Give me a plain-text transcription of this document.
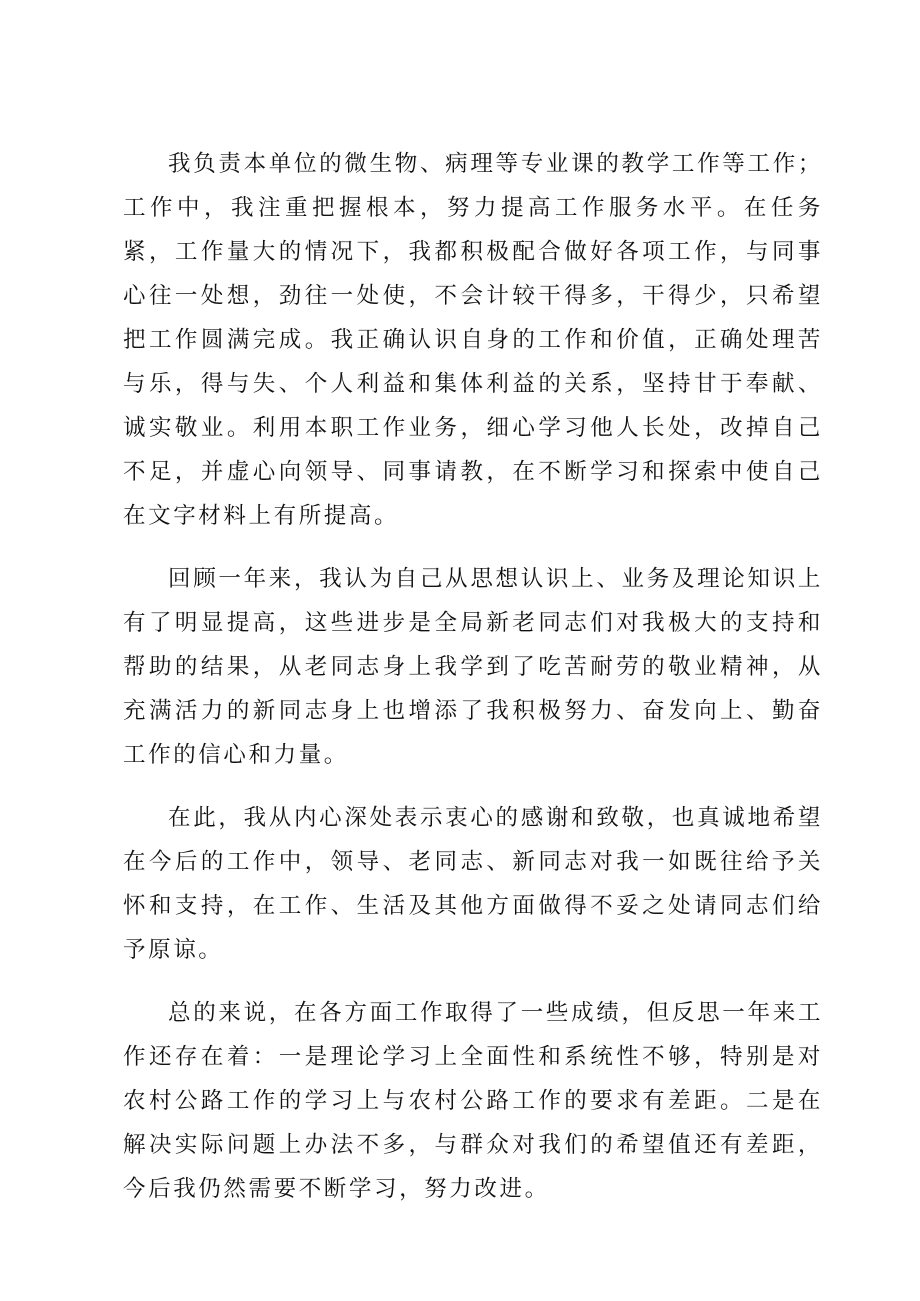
我负责本单位的微生物、病理等专业课的教学工作等工作；工作中，我注重把握根本，努力提高工作服务水平。在任务紧，工作量大的情况下，我都积极配合做好各项工作，与同事心往一处想，劲往一处使，不会计较干得多，干得少，只希望把工作圆满完成。我正确认识自身的工作和价值，正确处理苦与乐，得与失、个人利益和集体利益的关系，坚持甘于奉献、诚实敬业。利用本职工作业务，细心学习他人长处，改掉自己不足，并虚心向领导、同事请教，在不断学习和探索中使自己在文字材料上有所提高。

回顾一年来，我认为自己从思想认识上、业务及理论知识上有了明显提高，这些进步是全局新老同志们对我极大的支持和帮助的结果，从老同志身上我学到了吃苦耐劳的敬业精神，从充满活力的新同志身上也增添了我积极努力、奋发向上、勤奋工作的信心和力量。

在此，我从内心深处表示衷心的感谢和致敬，也真诚地希望在今后的工作中，领导、老同志、新同志对我一如既往给予关怀和支持，在工作、生活及其他方面做得不妥之处请同志们给予原谅。

总的来说，在各方面工作取得了一些成绩，但反思一年来工作还存在着：一是理论学习上全面性和系统性不够，特别是对农村公路工作的学习上与农村公路工作的要求有差距。二是在解决实际问题上办法不多，与群众对我们的希望值还有差距，今后我仍然需要不断学习，努力改进。
